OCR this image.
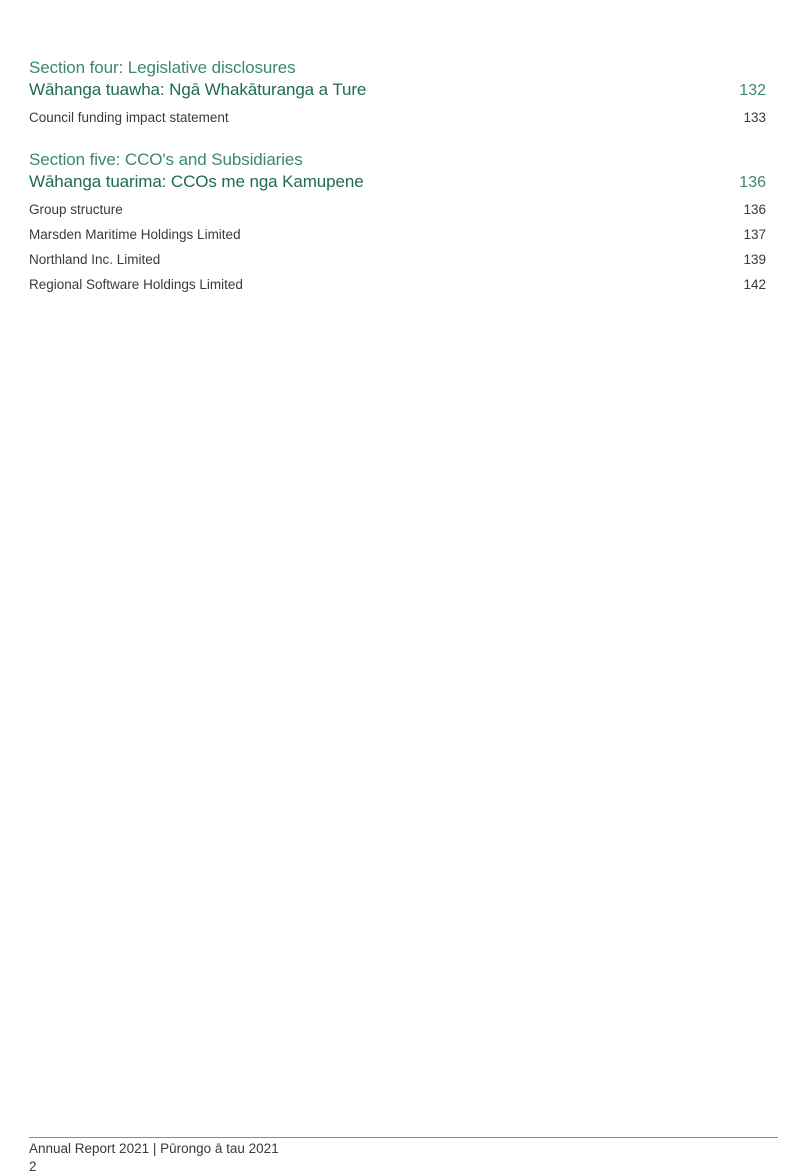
Section four: Legislative disclosures
Wāhanga tuawha: Ngā Whakāturanga a Ture	132
Council funding impact statement	133
Section five: CCO's and Subsidiaries
Wāhanga tuarima: CCOs me nga Kamupene	136
Group structure	136
Marsden Maritime Holdings Limited	137
Northland Inc. Limited	139
Regional Software Holdings Limited	142
Annual Report 2021 | Pūrongo ā tau 2021
2
